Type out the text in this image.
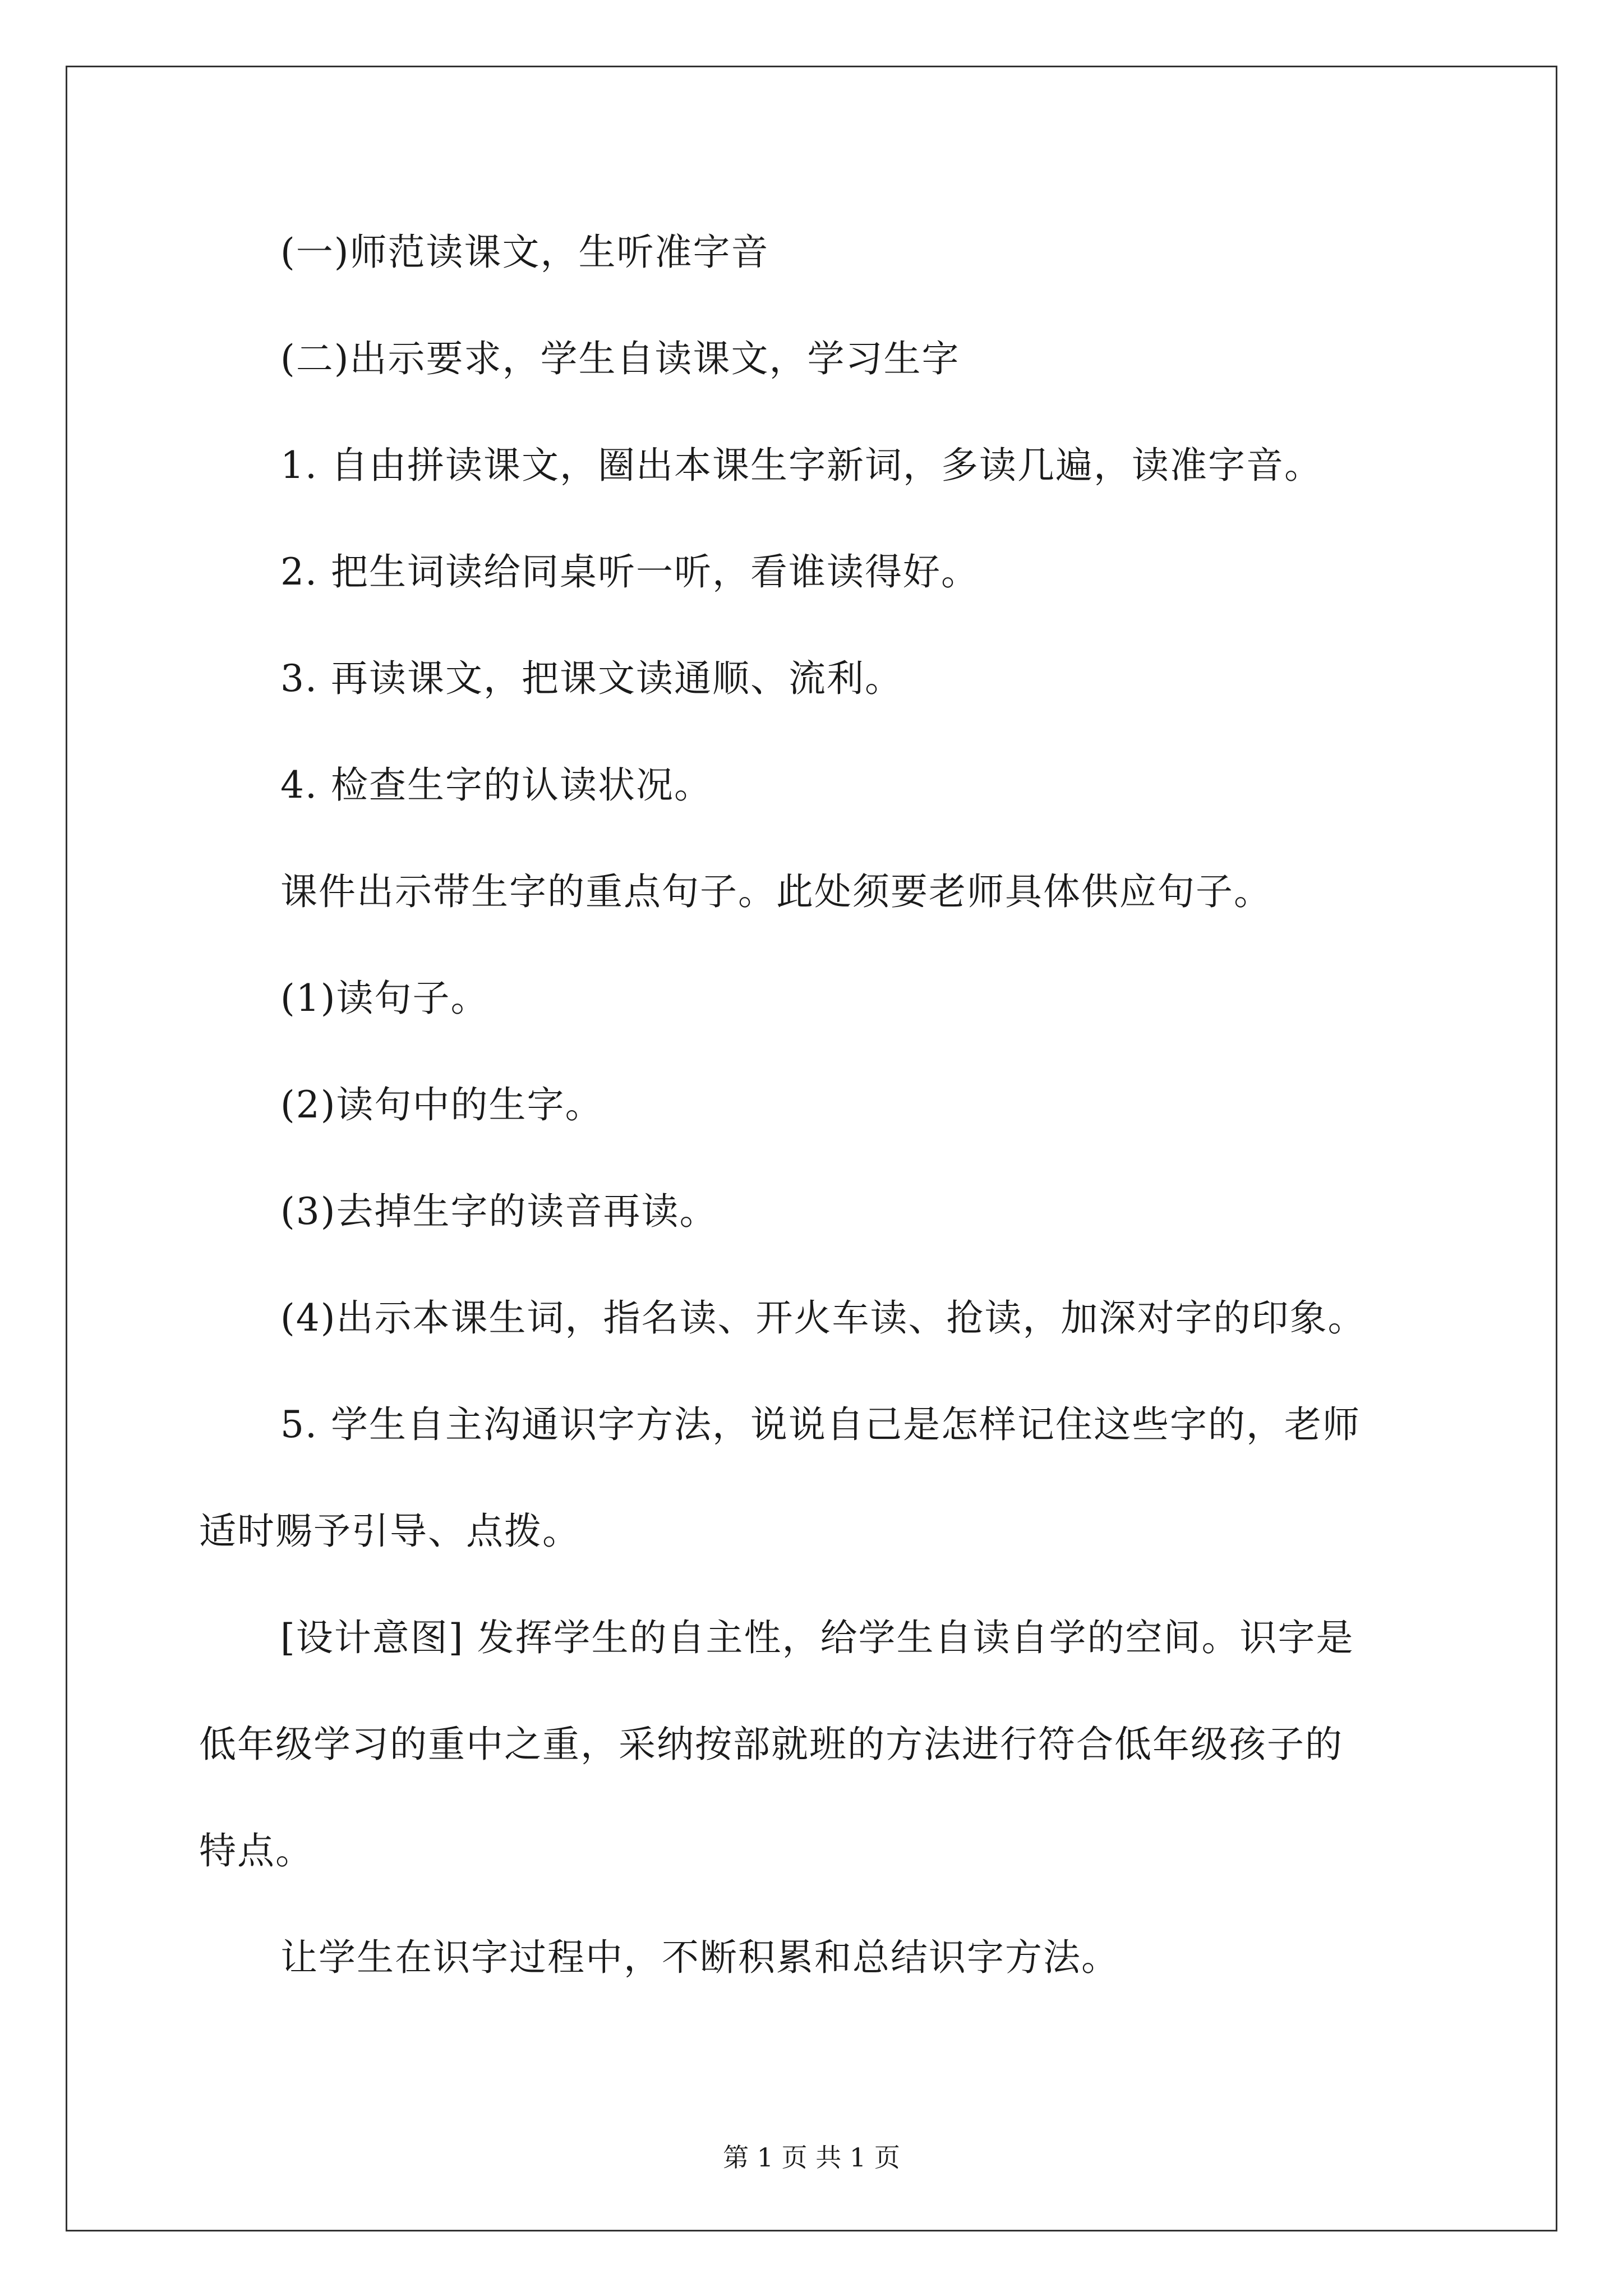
(一)师范读课文，生听准字音
(二)出示要求，学生自读课文，学习生字
1. 自由拼读课文，圈出本课生字新词，多读几遍，读准字音。
2. 把生词读给同桌听一听，看谁读得好。
3. 再读课文，把课文读通顺、流利。
4. 检查生字的认读状况。
课件出示带生字的重点句子。此处须要老师具体供应句子。
(1)读句子。
(2)读句中的生字。
(3)去掉生字的读音再读。
(4)出示本课生词，指名读、开火车读、抢读，加深对字的印象。
5. 学生自主沟通识字方法，说说自己是怎样记住这些字的，老师
适时赐予引导、点拨。
[设计意图] 发挥学生的自主性，给学生自读自学的空间。识字是
低年级学习的重中之重，采纳按部就班的方法进行符合低年级孩子的
特点。
让学生在识字过程中，不断积累和总结识字方法。
第 1 页 共 1 页
